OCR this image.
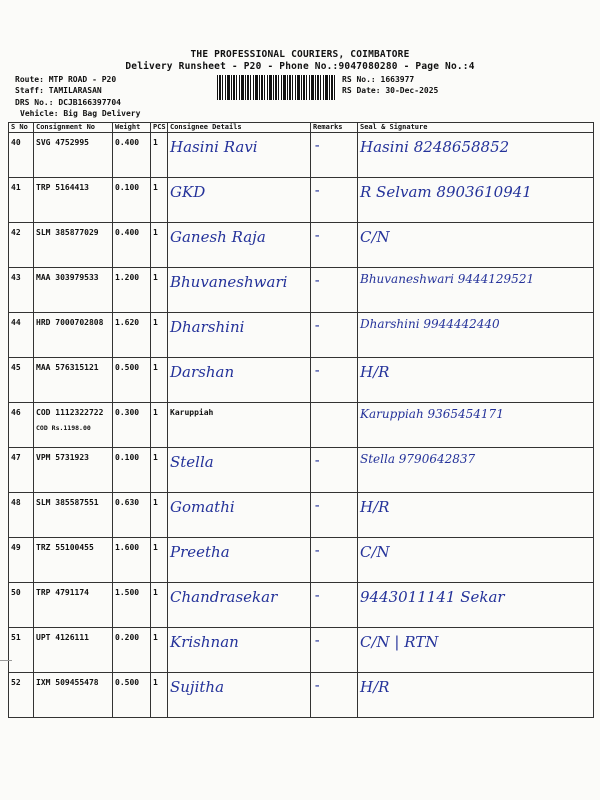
THE PROFESSIONAL COURIERS, COIMBATORE
Delivery Runsheet - P20 - Phone No.:9047080280 - Page No.:4
Route: MTP ROAD - P20
Staff: TAMILARASAN
DRS No.: DCJB166397704
Vehicle: Big Bag Delivery
RS No.: 1663977
RS Date: 30-Dec-2025
S No	Consignment No	Weight	PCS	Consignee Details	Remarks	Seal & Signature
40	SVG 4752995	0.400	1	Hasini Ravi	-	Hasini 8248658852
41	TRP 5164413	0.100	1	GKD	-	R Selvam 8903610941
42	SLM 385877029	0.400	1	Ganesh Raja	-	C/N
43	MAA 303979533	1.200	1	Bhuvaneshwari	-	Bhuvaneshwari 9444129521
44	HRD 7000702808	1.620	1	Dharshini	-	Dharshini 9944442440
45	MAA 576315121	0.500	1	Darshan	-	H/R
46	COD 1112322722
COD Rs.1198.00	0.300	1	Karuppiah		Karuppiah 9365454171
47	VPM 5731923	0.100	1	Stella	-	Stella 9790642837
48	SLM 385587551	0.630	1	Gomathi	-	H/R
49	TRZ 55100455	1.600	1	Preetha	-	C/N
50	TRP 4791174	1.500	1	Chandrasekar	-	9443011141 Sekar
51	UPT 4126111	0.200	1	Krishnan	-	C/N | RTN
52	IXM 509455478	0.500	1	Sujitha	-	H/R
